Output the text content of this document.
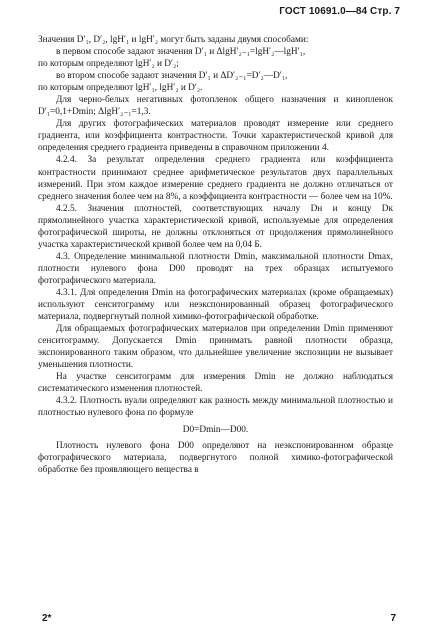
ГОСТ 10691.0—84 Стр. 7

Значения D′₁, D′₂, lgH′₁ и lgH′₂ могут быть заданы двумя способами:

в первом способе задают значения D′₁ и ΔlgH′₂₋₁=lgH′₂—lgH′₁,

по которым определяют lgH′₂ и D′₂;

во втором способе задают значения D′₁ и ΔD′₂₋₁=D′₂—D′₁,

по которым определяют lgH′₁, lgH′₂ и D′₂.

Для черно-белых негативных фотопленок общего назначения и кинопленок D′₁=0,1+Dmin; ΔlgH′₂₋₁=1,3.

Для других фотографических материалов проводят измерение или среднего градиента, или коэффициента контрастности. Точки характеристической кривой для определения среднего градиента приведены в справочном приложении 4.

4.2.4. За результат определения среднего градиента или коэффициента контрастности принимают среднее арифметическое результатов двух параллельных измерений. При этом каждое измерение среднего градиента не должно отличаться от среднего значения более чем на 8%, а коэффициента контрастности — более чем на 10%.

4.2.5. Значения плотностей, соответствующих началу Dн и концу Dк прямолинейного участка характеристической кривой, используемые для определения фотографической широты, не должны отклоняться от продолжения прямолинейного участка характеристической кривой более чем на 0,04 Б.

4.3. Определение минимальной плотности Dmin, максимальной плотности Dmax, плотности нулевого фона D00 проводят на трех образцах испытуемого фотографического материала.

4.3.1. Для определения Dmin на фотографических материалах (кроме обращаемых) используют сенситограмму или неэкспонированный образец фотографического материала, подвергнутый полной химико-фотографической обработке.

Для обращаемых фотографических материалов при определении Dmin применяют сенситограмму. Допускается Dmin принимать равной плотности образца, экспонированного таким образом, что дальнейшее увеличение экспозиции не вызывает уменьшения плотности.

На участке сенситограмм для измерения Dmin не должно наблюдаться систематического изменения плотностей.

4.3.2. Плотность вуали определяют как разность между минимальной плотностью и плотностью нулевого фона по формуле

D0=Dmin—D00.

Плотность нулевого фона D00 определяют на неэкспонированном образце фотографического материала, подвергнутого полной химико-фотографической обработке без проявляющего вещества в

2*	7
